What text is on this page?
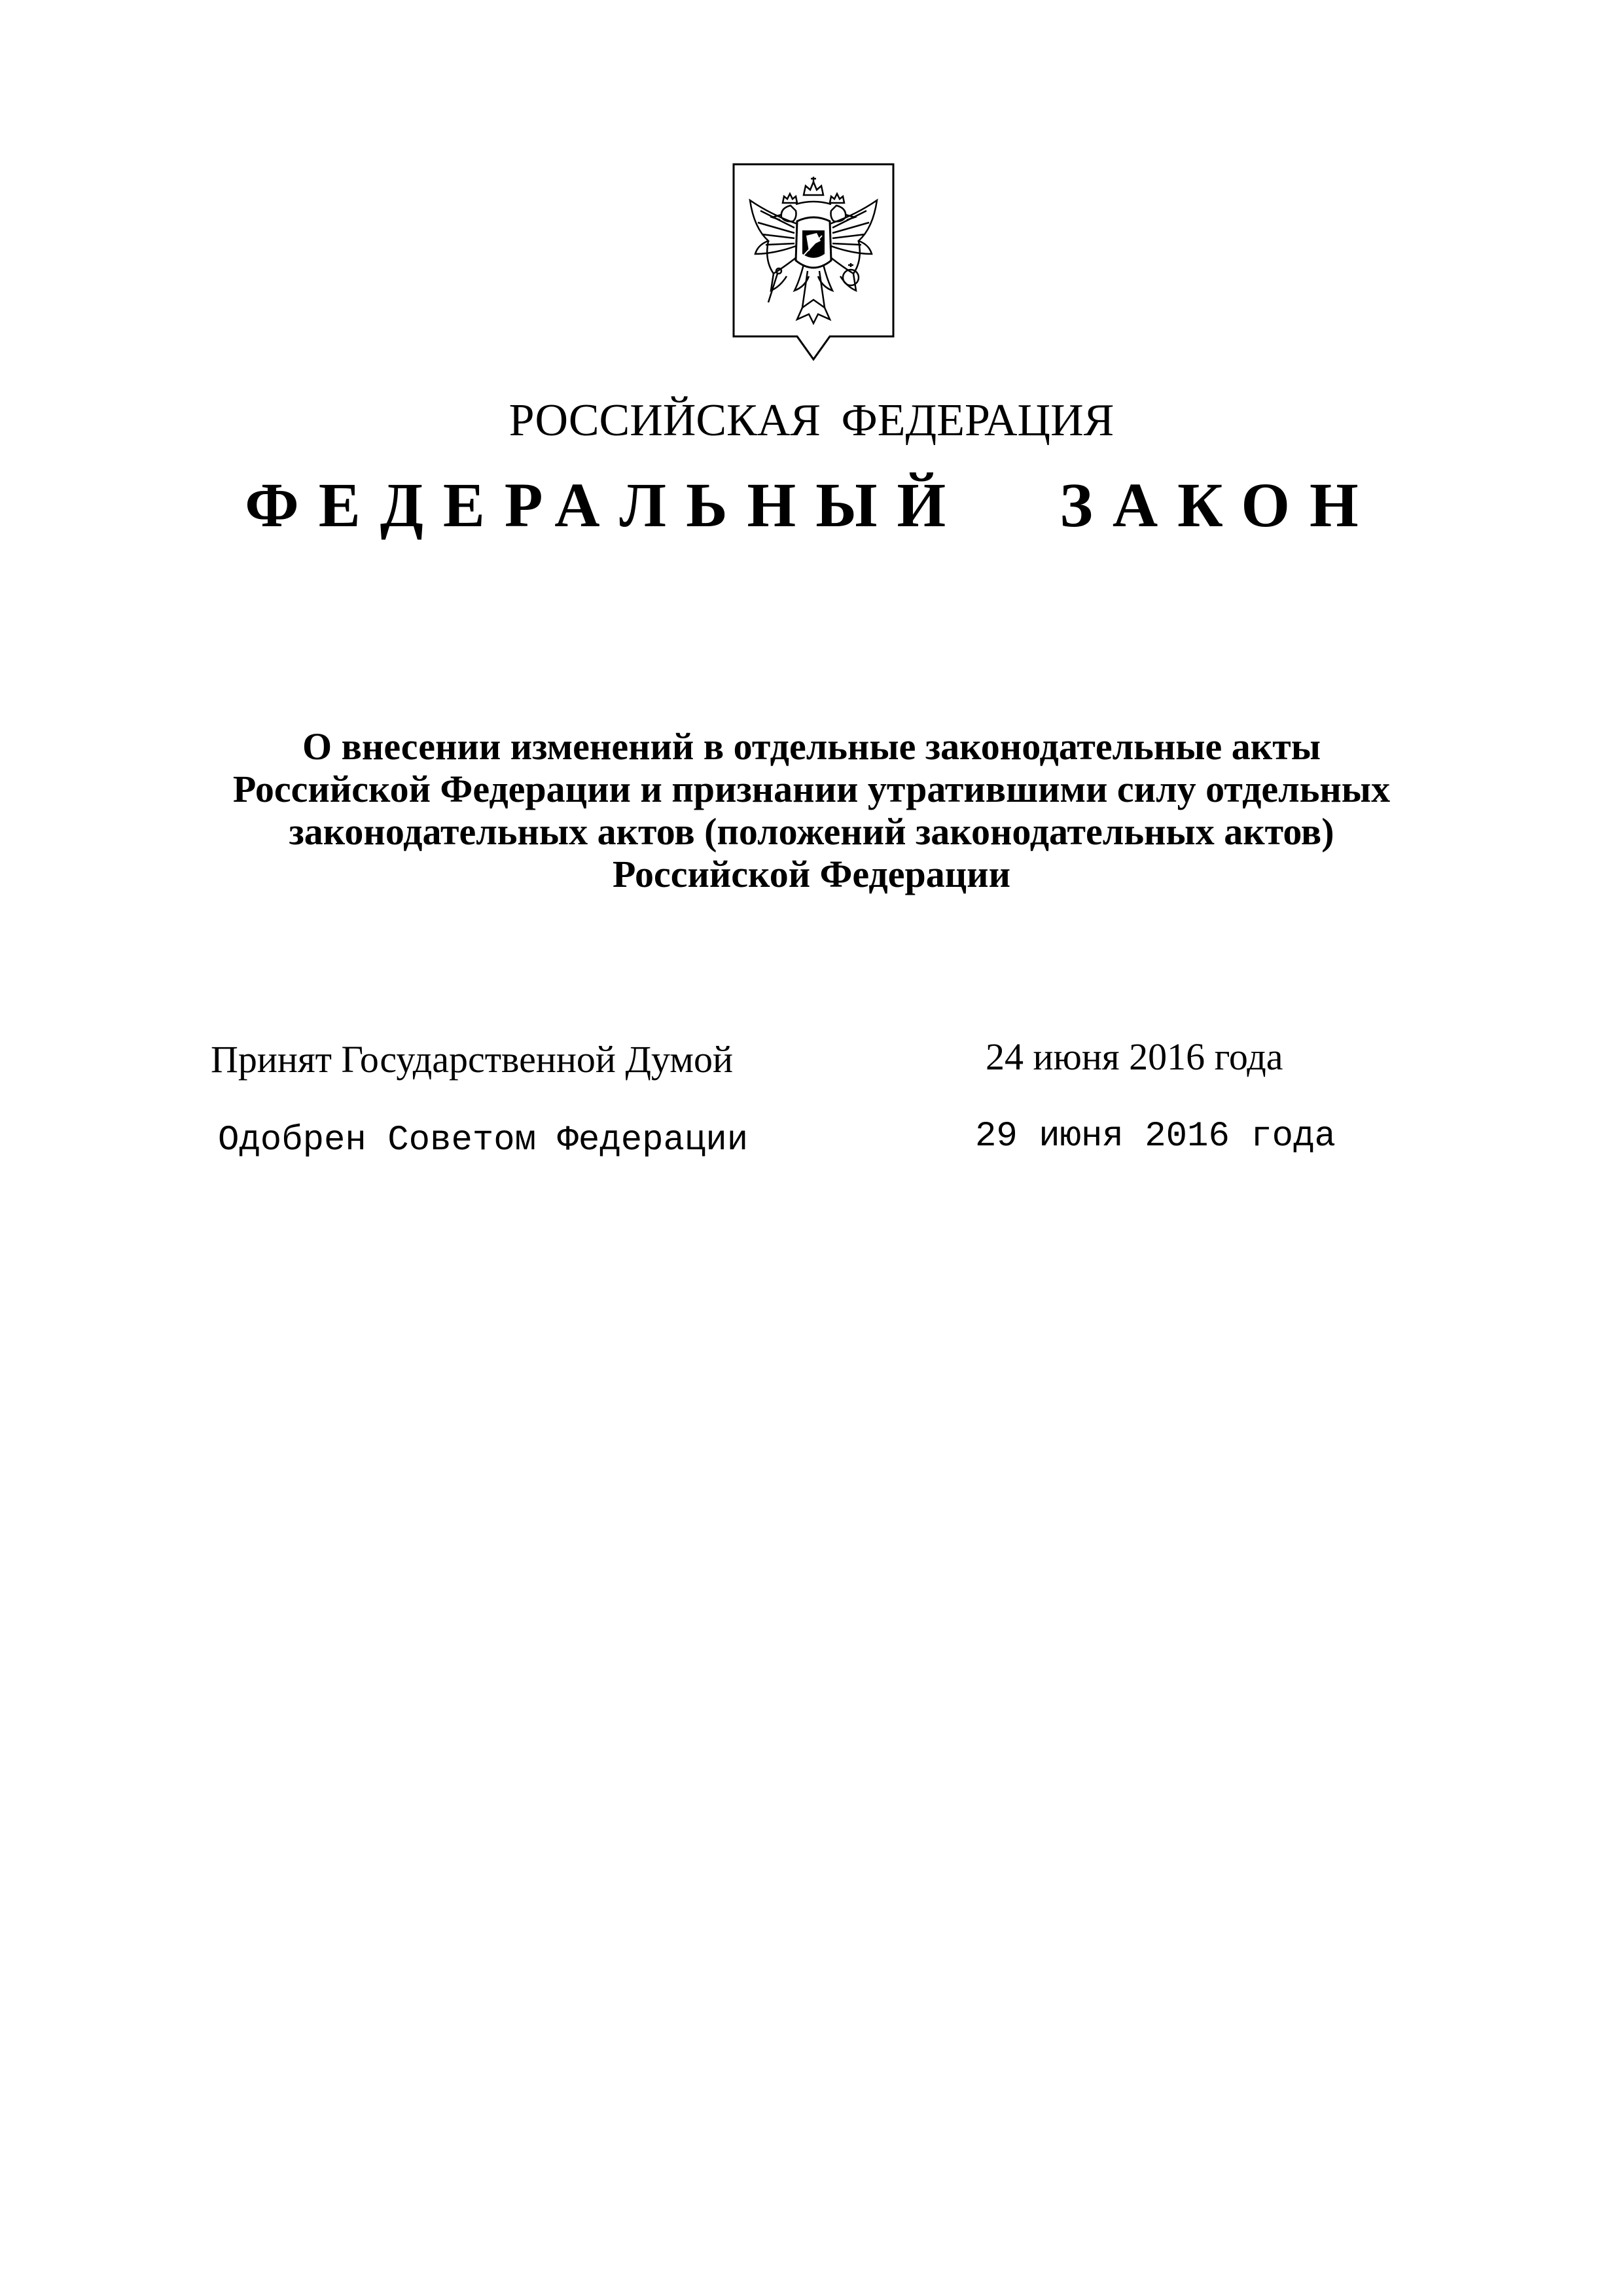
РОССИЙСКАЯ ФЕДЕРАЦИЯ
ФЕДЕРАЛЬНЫЙ ЗАКОН
О внесении изменений в отдельные законодательные акты
Российской Федерации и признании утратившими силу отдельных
законодательных актов (положений законодательных актов)
Российской Федерации
Принят Государственной Думой	24 июня 2016 года
Одобрен Советом Федерации	29 июня 2016 года
